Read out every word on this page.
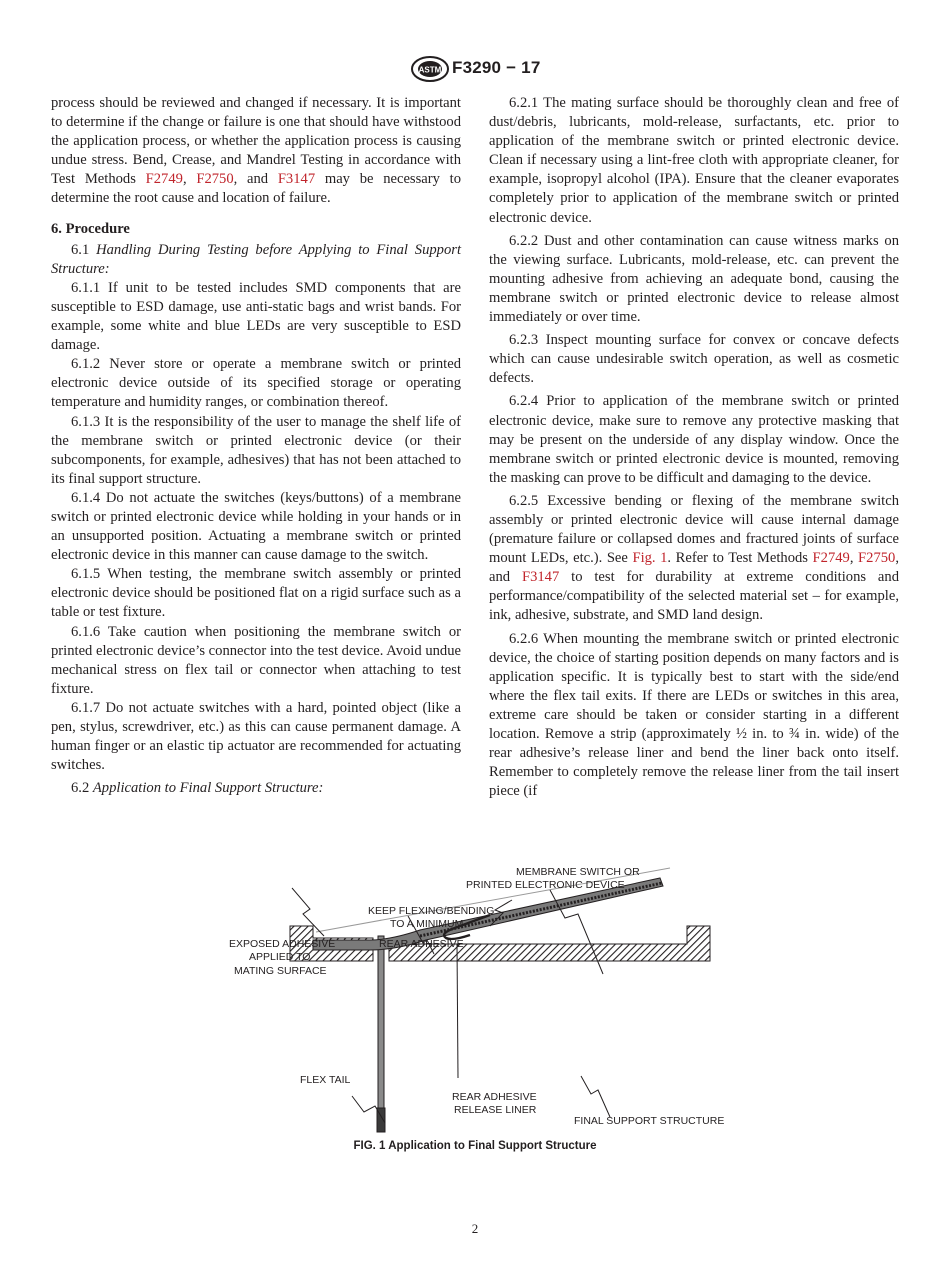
ASTM F3290 − 17

process should be reviewed and changed if necessary. It is important to determine if the change or failure is one that should have withstood the application process, or whether the application process is causing undue stress. Bend, Crease, and Mandrel Testing in accordance with Test Methods F2749, F2750, and F3147 may be necessary to determine the root cause and location of failure.

6. Procedure

6.1 Handling During Testing before Applying to Final Support Structure:

6.1.1 If unit to be tested includes SMD components that are susceptible to ESD damage, use anti-static bags and wrist bands. For example, some white and blue LEDs are very susceptible to ESD damage.

6.1.2 Never store or operate a membrane switch or printed electronic device outside of its specified storage or operating temperature and humidity ranges, or combination thereof.

6.1.3 It is the responsibility of the user to manage the shelf life of the membrane switch or printed electronic device (or their subcomponents, for example, adhesives) that has not been attached to its final support structure.

6.1.4 Do not actuate the switches (keys/buttons) of a membrane switch or printed electronic device while holding in your hands or in an unsupported position. Actuating a membrane switch or printed electronic device in this manner can cause damage to the switch.

6.1.5 When testing, the membrane switch assembly or printed electronic device should be positioned flat on a rigid surface such as a table or test fixture.

6.1.6 Take caution when positioning the membrane switch or printed electronic device’s connector into the test device. Avoid undue mechanical stress on flex tail or connector when attaching to test fixture.

6.1.7 Do not actuate switches with a hard, pointed object (like a pen, stylus, screwdriver, etc.) as this can cause permanent damage. A human finger or an elastic tip actuator are recommended for actuating switches.

6.2 Application to Final Support Structure:

6.2.1 The mating surface should be thoroughly clean and free of dust/debris, lubricants, mold-release, surfactants, etc. prior to application of the membrane switch or printed electronic device. Clean if necessary using a lint-free cloth with appropriate cleaner, for example, isopropyl alcohol (IPA). Ensure that the cleaner evaporates completely prior to application of the membrane switch or printed electronic device.

6.2.2 Dust and other contamination can cause witness marks on the viewing surface. Lubricants, mold-release, etc. can prevent the mounting adhesive from achieving an adequate bond, causing the membrane switch or printed electronic device to release almost immediately or over time.

6.2.3 Inspect mounting surface for convex or concave defects which can cause undesirable switch operation, as well as cosmetic defects.

6.2.4 Prior to application of the membrane switch or printed electronic device, make sure to remove any protective masking that may be present on the underside of any display window. Once the membrane switch or printed electronic device is mounted, removing the masking can prove to be difficult and damaging to the device.

6.2.5 Excessive bending or flexing of the membrane switch assembly or printed electronic device will cause internal damage (premature failure or collapsed domes and fractured joints of surface mount LEDs, etc.). See Fig. 1. Refer to Test Methods F2749, F2750, and F3147 to test for durability at extreme conditions and performance/compatibility of the selected material set – for example, ink, adhesive, substrate, and SMD land design.

6.2.6 When mounting the membrane switch or printed electronic device, the choice of starting position depends on many factors and is application specific. It is typically best to start with the side/end where the flex tail exits. If there are LEDs or switches in this area, extreme care should be taken or consider starting in a different location. Remove a strip (approximately ½ in. to ¾ in. wide) of the rear adhesive’s release liner and bend the liner back onto itself. Remember to completely remove the release liner from the tail insert piece (if

MEMBRANE SWITCH OR
PRINTED ELECTRONIC DEVICE
KEEP FLEXING/BENDING
TO A MINIMUM
EXPOSED ADHESIVE
APPLIED TO
MATING SURFACE
REAR ADHESIVE
FLEX TAIL
REAR ADHESIVE
RELEASE LINER
FINAL SUPPORT STRUCTURE
FIG. 1 Application to Final Support Structure
2
